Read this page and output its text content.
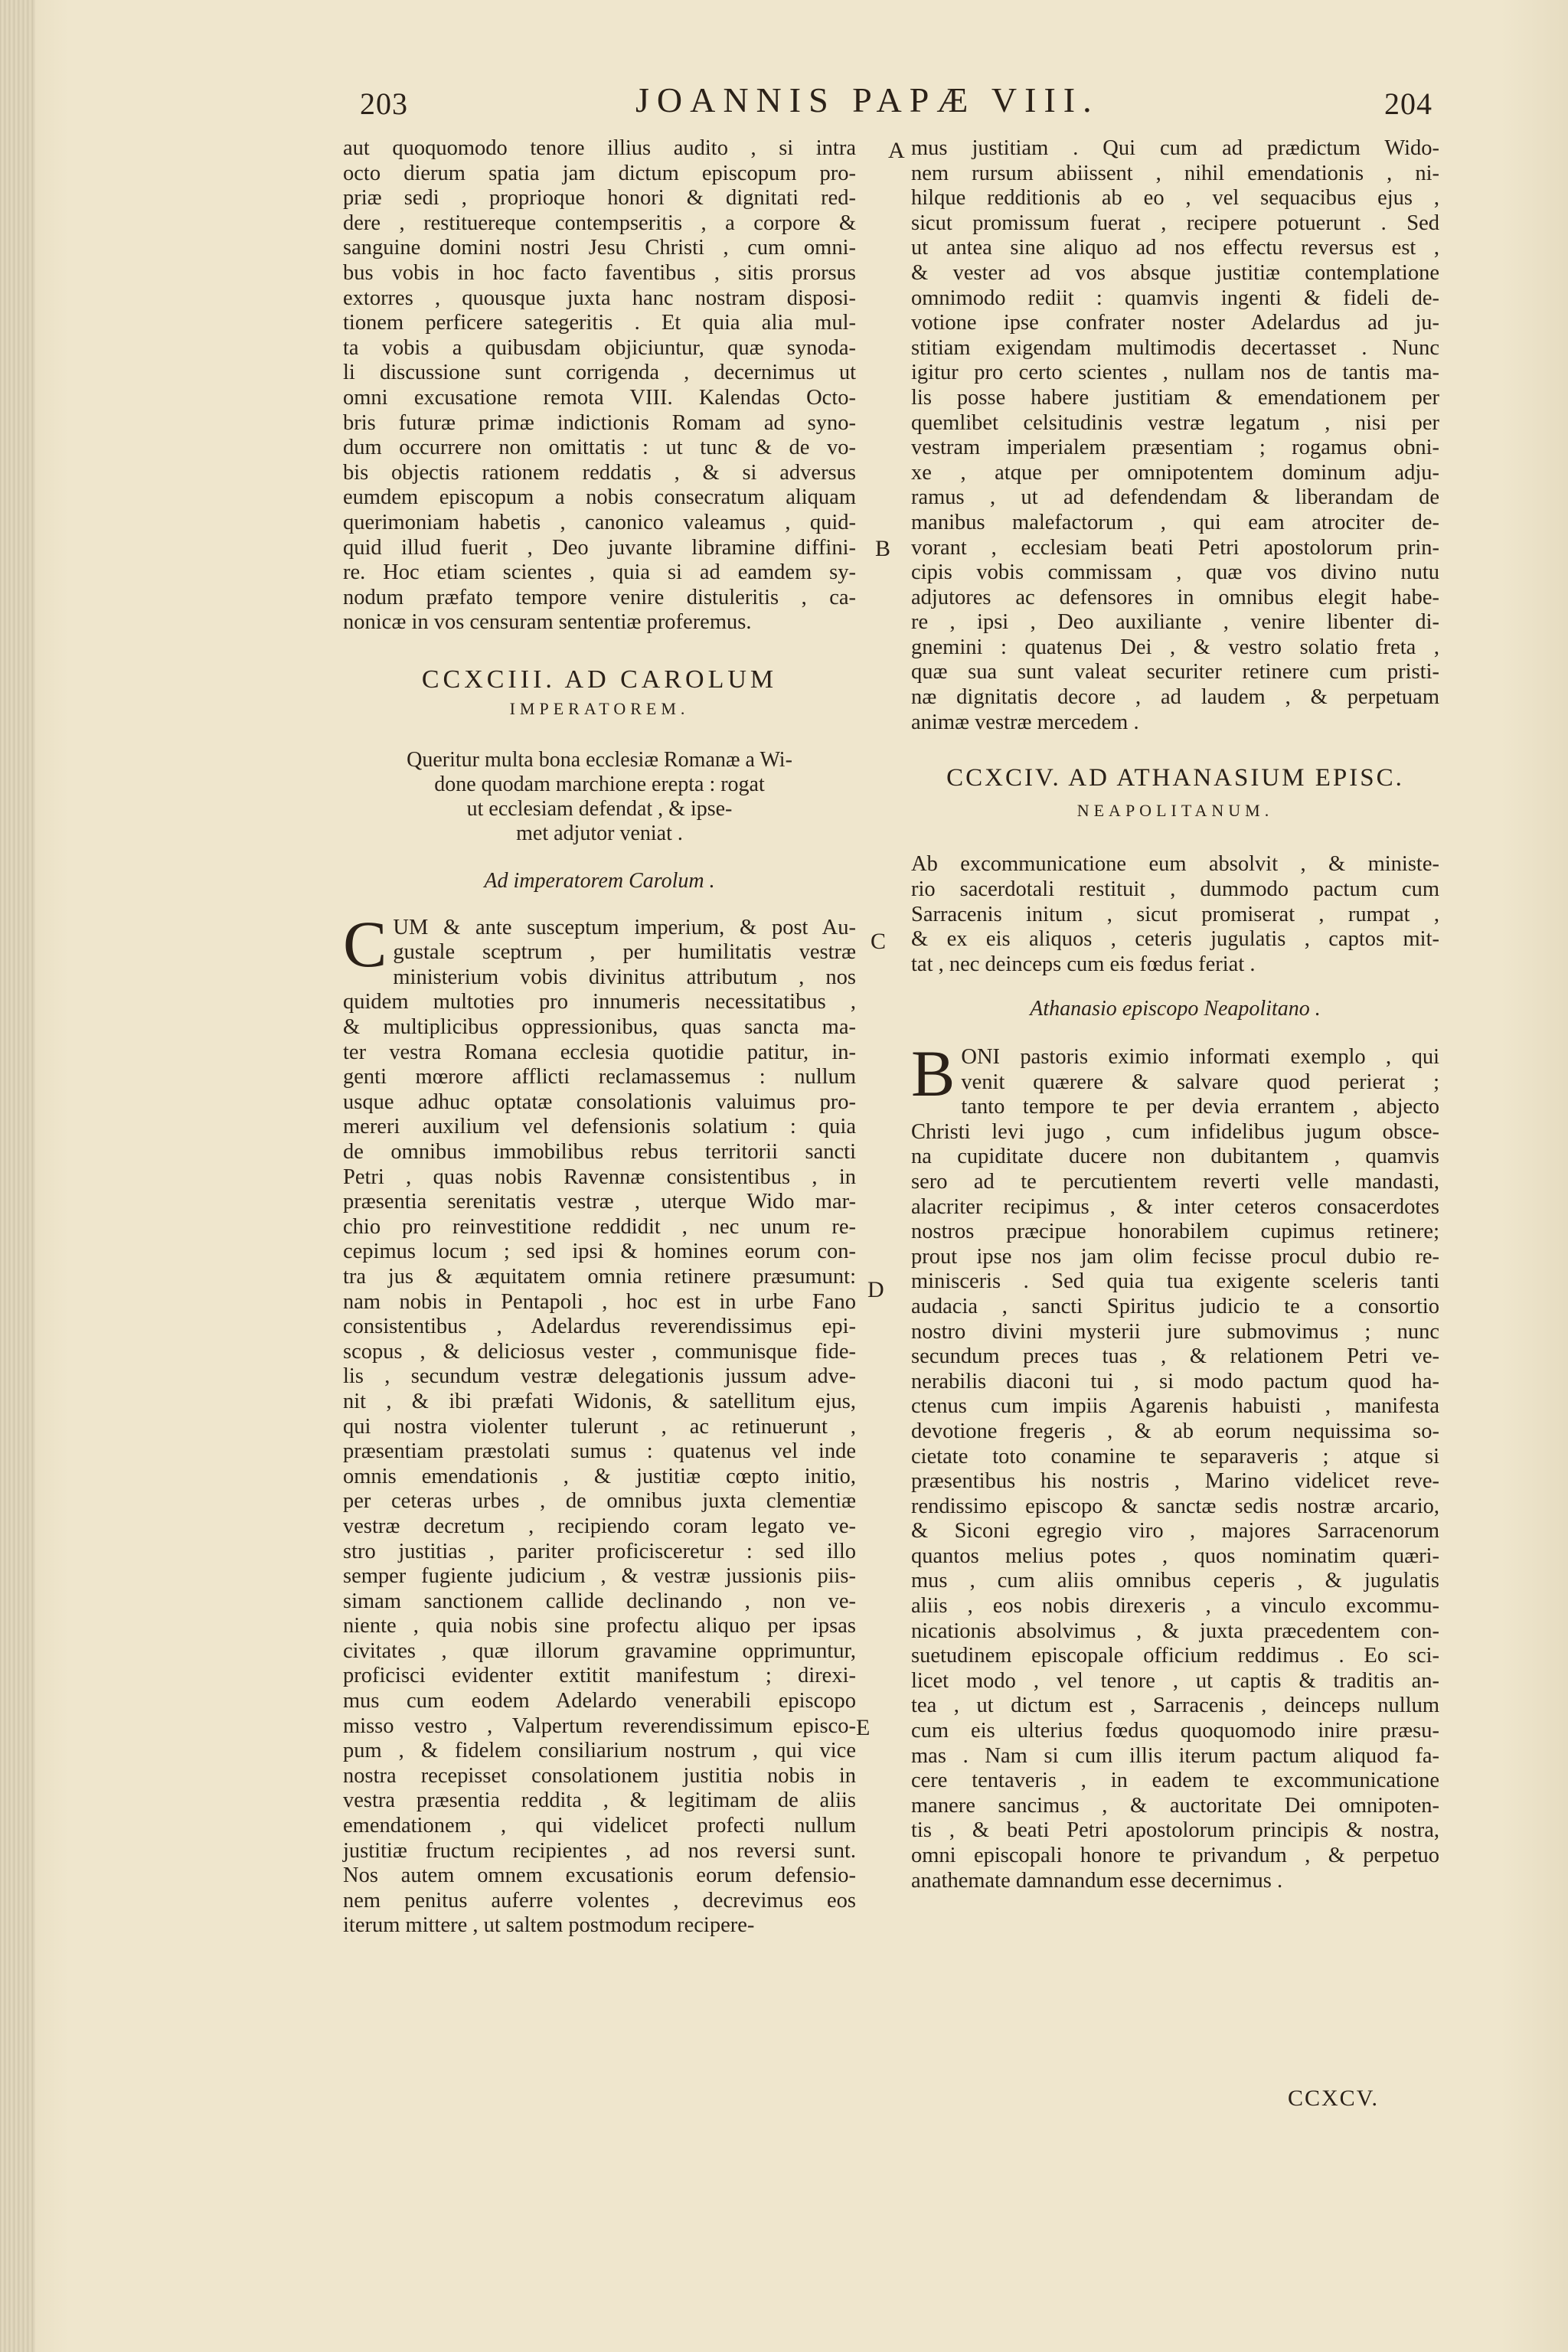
203	JOANNIS PAPÆ VIII.	204
A
B
C
D
E
aut quoquomodo tenore illius audito , si intra
octo dierum spatia jam dictum episcopum pro-
priæ sedi , proprioque honori & dignitati red-
dere , restituereque contempseritis , a corpore &
sanguine domini nostri Jesu Christi , cum omni-
bus vobis in hoc facto faventibus , sitis prorsus
extorres , quousque juxta hanc nostram disposi-
tionem perficere sategeritis . Et quia alia mul-
ta vobis a quibusdam objiciuntur, quæ synoda-
li discussione sunt corrigenda , decernimus ut
omni excusatione remota VIII. Kalendas Octo-
bris futuræ primæ indictionis Romam ad syno-
dum occurrere non omittatis : ut tunc & de vo-
bis objectis rationem reddatis , & si adversus
eumdem episcopum a nobis consecratum aliquam
querimoniam habetis , canonico valeamus , quid-
quid illud fuerit , Deo juvante libramine diffini-
re. Hoc etiam scientes , quia si ad eamdem sy-
nodum præfato tempore venire distuleritis , ca-
nonicæ in vos censuram sententiæ proferemus.

CCXCIII. AD CAROLUM

IMPERATOREM.

Queritur multa bona ecclesiæ Romanæ a Wi-
done quodam marchione erepta : rogat
ut ecclesiam defendat , & ipse-
met adjutor veniat .

Ad imperatorem Carolum .

C UM & ante susceptum imperium, & post Au-
gustale sceptrum , per humilitatis vestræ
ministerium vobis divinitus attributum , nos
quidem multoties pro innumeris necessitatibus ,
& multiplicibus oppressionibus, quas sancta ma-
ter vestra Romana ecclesia quotidie patitur, in-
genti mœrore afflicti reclamassemus : nullum
usque adhuc optatæ consolationis valuimus pro-
mereri auxilium vel defensionis solatium : quia
de omnibus immobilibus rebus territorii sancti
Petri , quas nobis Ravennæ consistentibus , in
præsentia serenitatis vestræ , uterque Wido mar-
chio pro reinvestitione reddidit , nec unum re-
cepimus locum ; sed ipsi & homines eorum con-
tra jus & æquitatem omnia retinere præsumunt:
nam nobis in Pentapoli , hoc est in urbe Fano
consistentibus , Adelardus reverendissimus epi-
scopus , & deliciosus vester , communisque fide-
lis , secundum vestræ delegationis jussum adve-
nit , & ibi præfati Widonis, & satellitum ejus,
qui nostra violenter tulerunt , ac retinuerunt ,
præsentiam præstolati sumus : quatenus vel inde
omnis emendationis , & justitiæ cœpto initio,
per ceteras urbes , de omnibus juxta clementiæ
vestræ decretum , recipiendo coram legato ve-
stro justitias , pariter proficisceretur : sed illo
semper fugiente judicium , & vestræ jussionis piis-
simam sanctionem callide declinando , non ve-
niente , quia nobis sine profectu aliquo per ipsas
civitates , quæ illorum gravamine opprimuntur,
proficisci evidenter extitit manifestum ; direxi-
mus cum eodem Adelardo venerabili episcopo
misso vestro , Valpertum reverendissimum episco-
pum , & fidelem consiliarium nostrum , qui vice
nostra recepisset consolationem justitia nobis in
vestra præsentia reddita , & legitimam de aliis
emendationem , qui videlicet profecti nullum
justitiæ fructum recipientes , ad nos reversi sunt.
Nos autem omnem excusationis eorum defensio-
nem penitus auferre volentes , decrevimus eos
iterum mittere , ut saltem postmodum recipere-
mus justitiam . Qui cum ad prædictum Wido-
nem rursum abiissent , nihil emendationis , ni-
hilque redditionis ab eo , vel sequacibus ejus ,
sicut promissum fuerat , recipere potuerunt . Sed
ut antea sine aliquo ad nos effectu reversus est ,
& vester ad vos absque justitiæ contemplatione
omnimodo rediit : quamvis ingenti & fideli de-
votione ipse confrater noster Adelardus ad ju-
stitiam exigendam multimodis decertasset . Nunc
igitur pro certo scientes , nullam nos de tantis ma-
lis posse habere justitiam & emendationem per
quemlibet celsitudinis vestræ legatum , nisi per
vestram imperialem præsentiam ; rogamus obni-
xe , atque per omnipotentem dominum adju-
ramus , ut ad defendendam & liberandam de
manibus malefactorum , qui eam atrociter de-
vorant , ecclesiam beati Petri apostolorum prin-
cipis vobis commissam , quæ vos divino nutu
adjutores ac defensores in omnibus elegit habe-
re , ipsi , Deo auxiliante , venire libenter di-
gnemini : quatenus Dei , & vestro solatio freta ,
quæ sua sunt valeat securiter retinere cum pristi-
næ dignitatis decore , ad laudem , & perpetuam
animæ vestræ mercedem .

CCXCIV. AD ATHANASIUM EPISC.

NEAPOLITANUM.

Ab excommunicatione eum absolvit , & ministe-
rio sacerdotali restituit , dummodo pactum cum
Sarracenis initum , sicut promiserat , rumpat ,
& ex eis aliquos , ceteris jugulatis , captos mit-
tat , nec deinceps cum eis fœdus feriat .

Athanasio episcopo Neapolitano .

B ONI pastoris eximio informati exemplo , qui
venit quærere & salvare quod perierat ;
tanto tempore te per devia errantem , abjecto
Christi levi jugo , cum infidelibus jugum obsce-
na cupiditate ducere non dubitantem , quamvis
sero ad te percutientem reverti velle mandasti,
alacriter recipimus , & inter ceteros consacerdotes
nostros præcipue honorabilem cupimus retinere;
prout ipse nos jam olim fecisse procul dubio re-
minisceris . Sed quia tua exigente sceleris tanti
audacia , sancti Spiritus judicio te a consortio
nostro divini mysterii jure submovimus ; nunc
secundum preces tuas , & relationem Petri ve-
nerabilis diaconi tui , si modo pactum quod ha-
ctenus cum impiis Agarenis habuisti , manifesta
devotione fregeris , & ab eorum nequissima so-
cietate toto conamine te separaveris ; atque si
præsentibus his nostris , Marino videlicet reve-
rendissimo episcopo & sanctæ sedis nostræ arcario,
& Siconi egregio viro , majores Sarracenorum
quantos melius potes , quos nominatim quæri-
mus , cum aliis omnibus ceperis , & jugulatis
aliis , eos nobis direxeris , a vinculo excommu-
nicationis absolvimus , & juxta præcedentem con-
suetudinem episcopale officium reddimus . Eo sci-
licet modo , vel tenore , ut captis & traditis an-
tea , ut dictum est , Sarracenis , deinceps nullum
cum eis ulterius fœdus quoquomodo inire præsu-
mas . Nam si cum illis iterum pactum aliquod fa-
cere tentaveris , in eadem te excommunicatione
manere sancimus , & auctoritate Dei omnipoten-
tis , & beati Petri apostolorum principis & nostra,
omni episcopali honore te privandum , & perpetuo
anathemate damnandum esse decernimus .
CCXCV.
